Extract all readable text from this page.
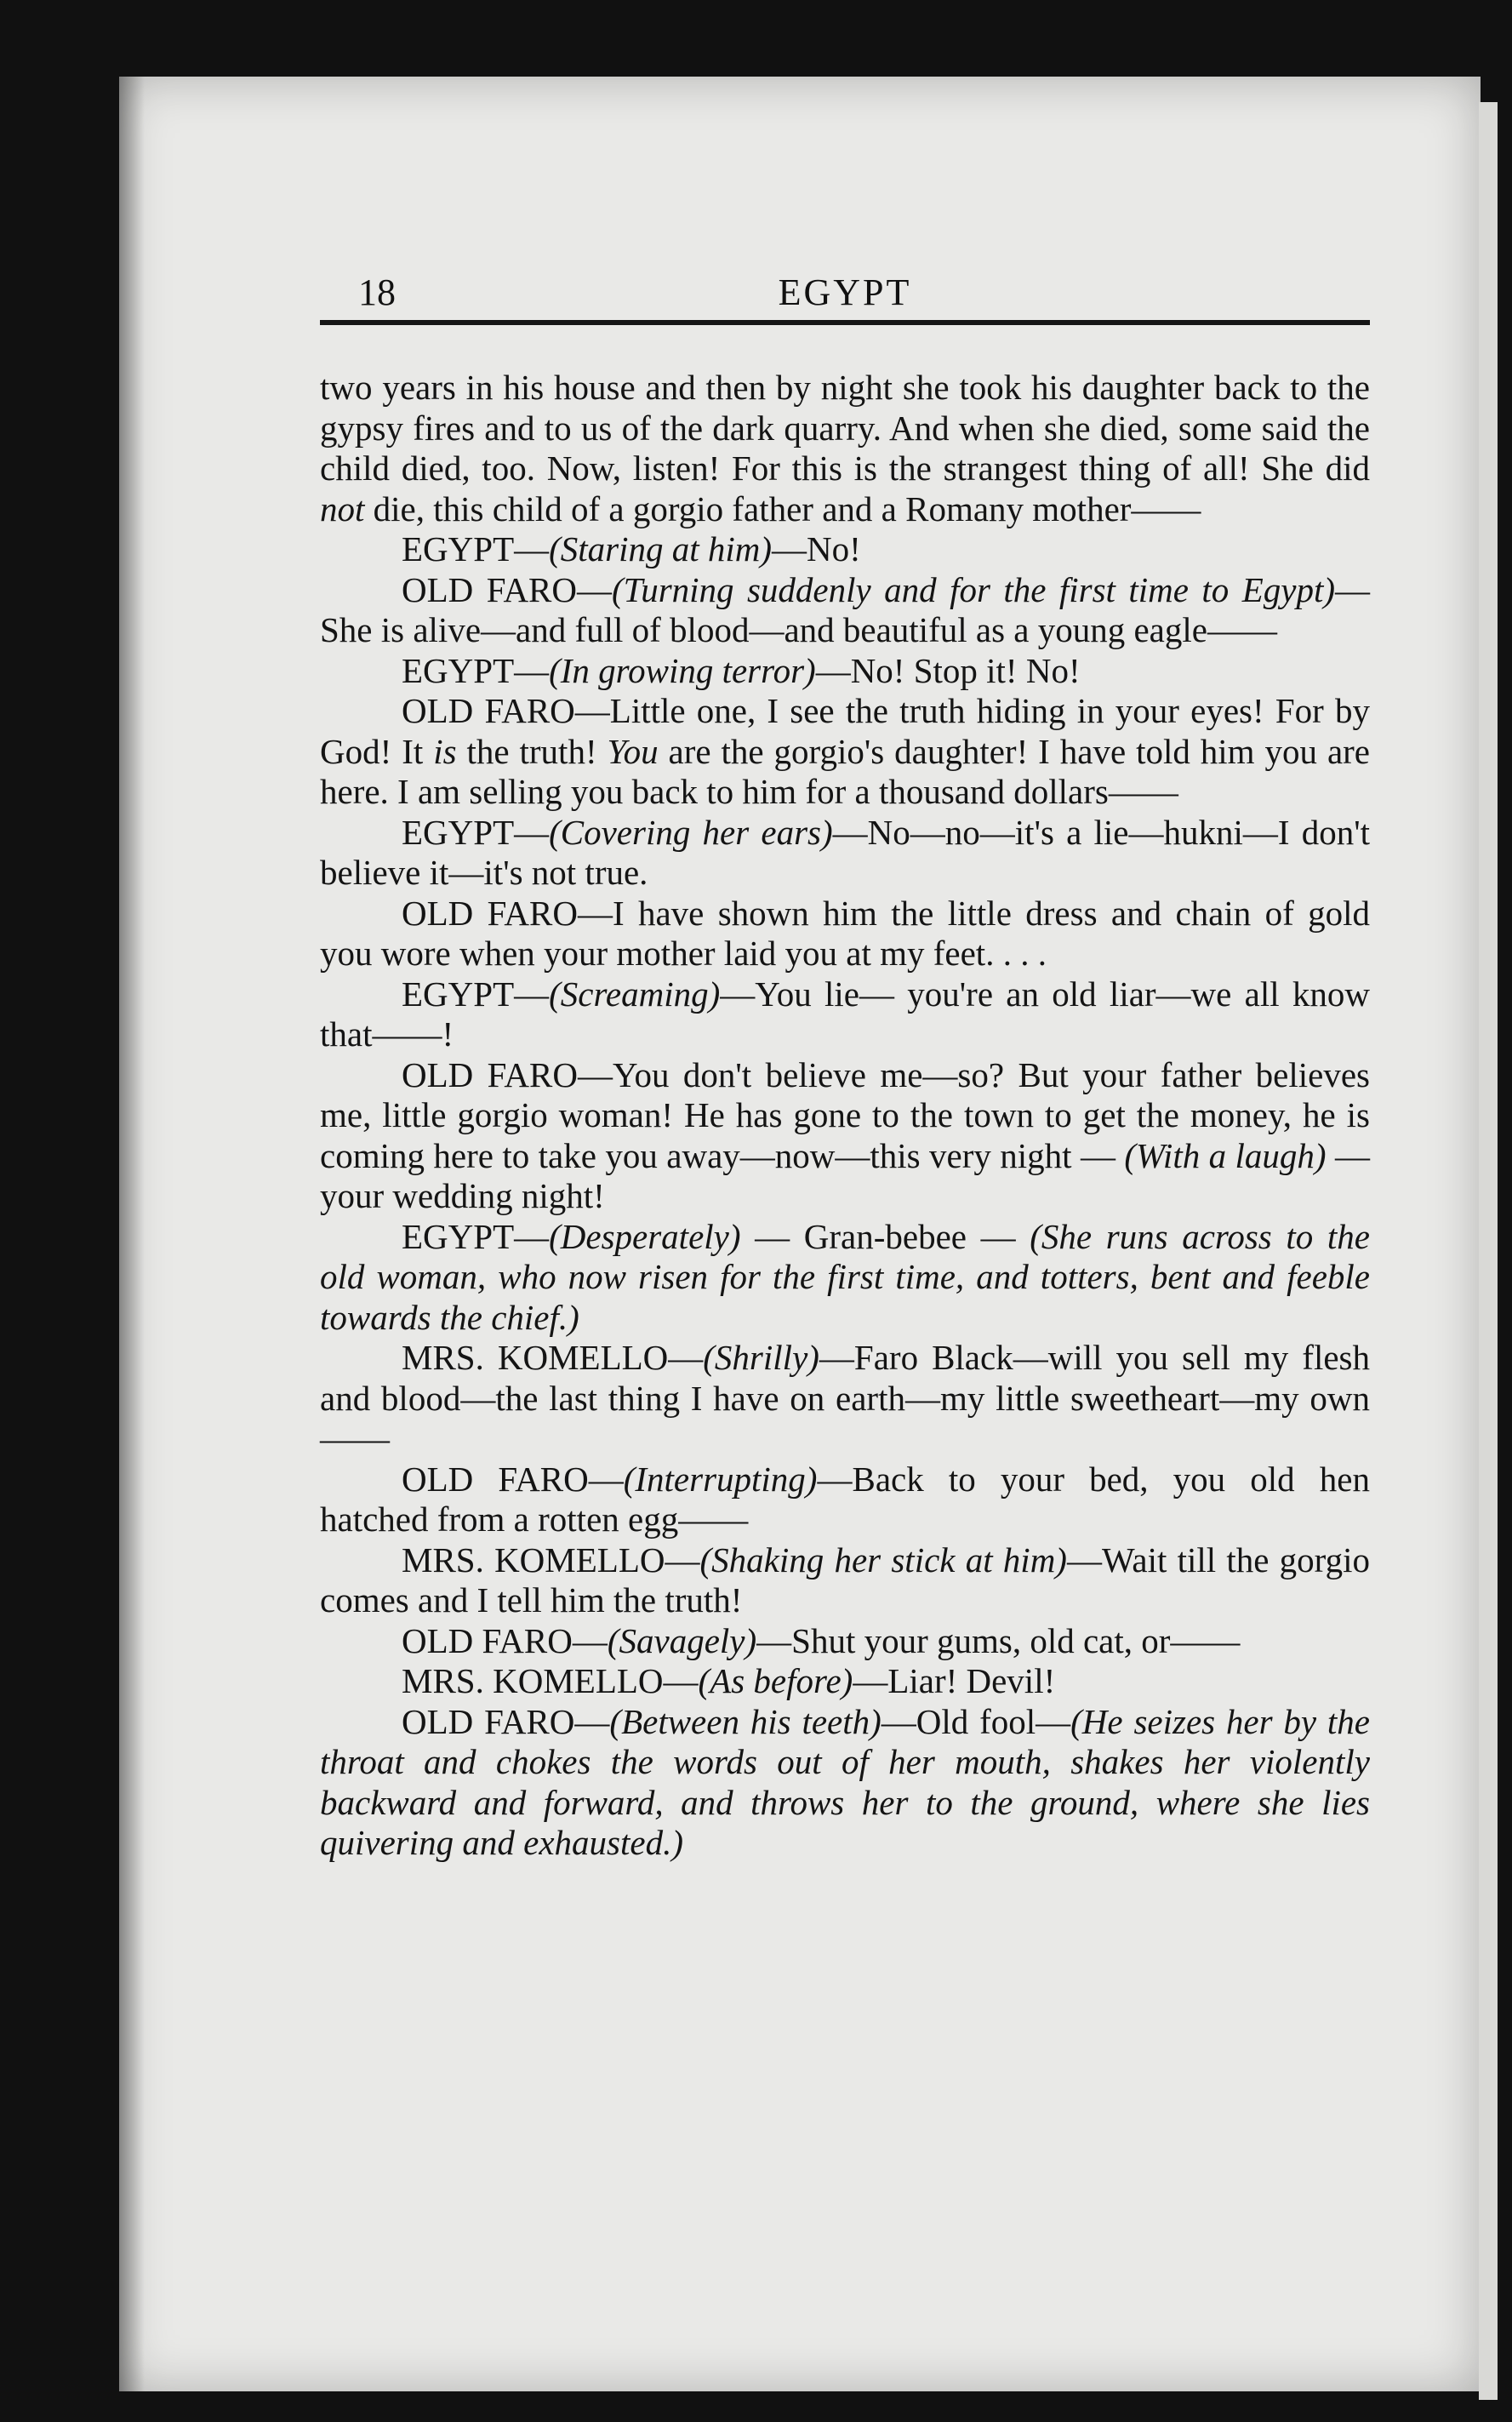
18	EGYPT

two years in his house and then by night she took his daughter back to the gypsy fires and to us of the dark quarry. And when she died, some said the child died, too. Now, listen! For this is the strangest thing of all! She did not die, this child of a gorgio father and a Romany mother——

EGYPT—(Staring at him)—No!

OLD FARO—(Turning suddenly and for the first time to Egypt)—She is alive—and full of blood—and beautiful as a young eagle——

EGYPT—(In growing terror)—No! Stop it! No!

OLD FARO—Little one, I see the truth hiding in your eyes! For by God! It is the truth! You are the gorgio's daughter! I have told him you are here. I am selling you back to him for a thousand dollars——

EGYPT—(Covering her ears)—No—no—it's a lie—hukni—I don't believe it—it's not true.

OLD FARO—I have shown him the little dress and chain of gold you wore when your mother laid you at my feet. . . .

EGYPT—(Screaming)—You lie— you're an old liar—we all know that——!

OLD FARO—You don't believe me—so? But your father believes me, little gorgio woman! He has gone to the town to get the money, he is coming here to take you away—now—this very night — (With a laugh) — your wedding night!

EGYPT—(Desperately) — Gran-bebee — (She runs across to the old woman, who now risen for the first time, and totters, bent and feeble towards the chief.)

MRS. KOMELLO—(Shrilly)—Faro Black—will you sell my flesh and blood—the last thing I have on earth—my little sweetheart—my own——

OLD FARO—(Interrupting)—Back to your bed, you old hen hatched from a rotten egg——

MRS. KOMELLO—(Shaking her stick at him)—Wait till the gorgio comes and I tell him the truth!

OLD FARO—(Savagely)—Shut your gums, old cat, or——

MRS. KOMELLO—(As before)—Liar! Devil!

OLD FARO—(Between his teeth)—Old fool—(He seizes her by the throat and chokes the words out of her mouth, shakes her violently backward and forward, and throws her to the ground, where she lies quivering and exhausted.)
